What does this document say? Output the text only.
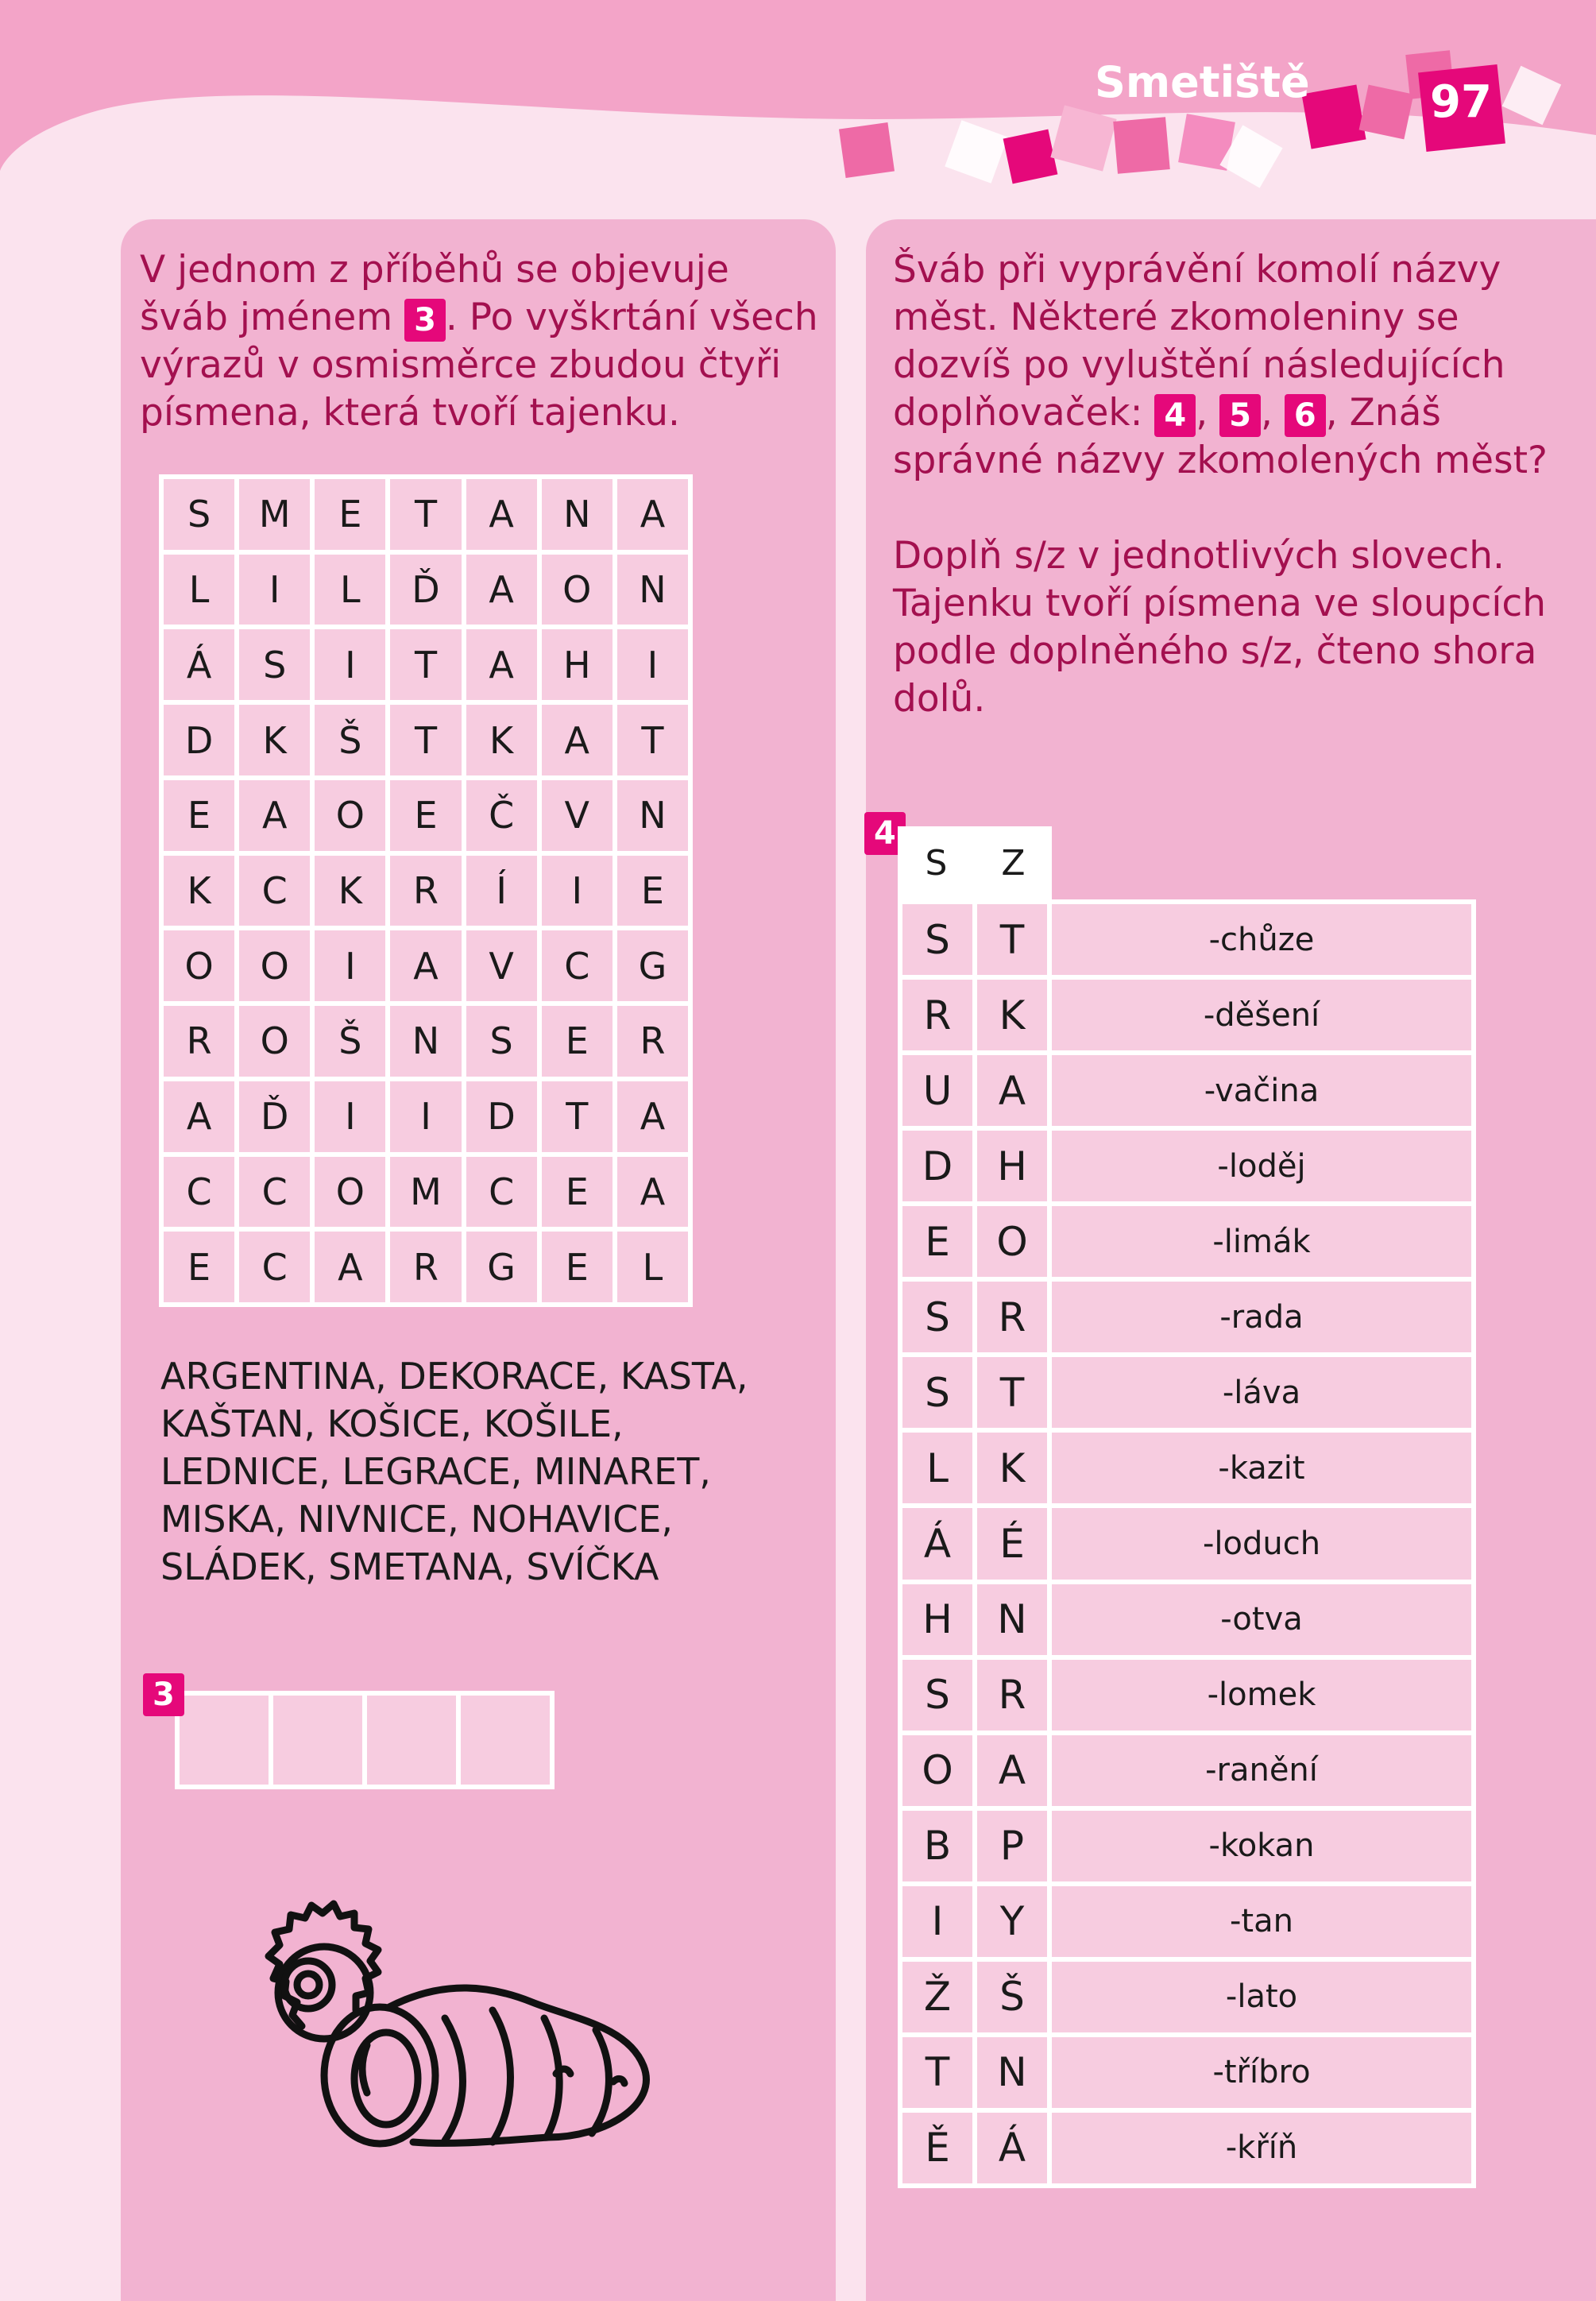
Smetiště	97
V jednom z příběhů se objevuje šváb jménem 3 . Po vyškrtání všech výrazů v osmisměrce zbudou čtyři písmena, která tvoří tajenku.
S	M	E	T	A	N	A
L	I	L	Ď	A	O	N
Á	S	I	T	A	H	I
D	K	Š	T	K	A	T
E	A	O	E	Č	V	N
K	C	K	R	Í	I	E
O	O	I	A	V	C	G
R	O	Š	N	S	E	R
A	Ď	I	I	D	T	A
C	C	O	M	C	E	A
E	C	A	R	G	E	L
ARGENTINA, DEKORACE, KASTA, KAŠTAN, KOŠICE, KOŠILE, LEDNICE, LEGRACE, MINARET, MISKA, NIVNICE, NOHAVICE, SLÁDEK, SMETANA, SVÍČKA
3
Šváb při vyprávění komolí názvy měst. Některé zkomoleniny se dozvíš po vyluštění následujících doplňovaček: 4 , 5 , 6 , Znáš správné názvy zkomolených měst?

Doplň s/z v jednotlivých slovech. Tajenku tvoří písmena ve sloupcích podle doplněného s/z, čteno shora dolů.
4
S	Z
S	T	-chůze
R	K	-děšení
U	A	-vačina
D	H	-loděj
E	O	-limák
S	R	-rada
S	T	-láva
L	K	-kazit
Á	É	-loduch
H	N	-otva
S	R	-lomek
O	A	-ranění
B	P	-kokan
I	Y	-tan
Ž	Š	-lato
T	N	-tříbro
Ě	Á	-kříň
